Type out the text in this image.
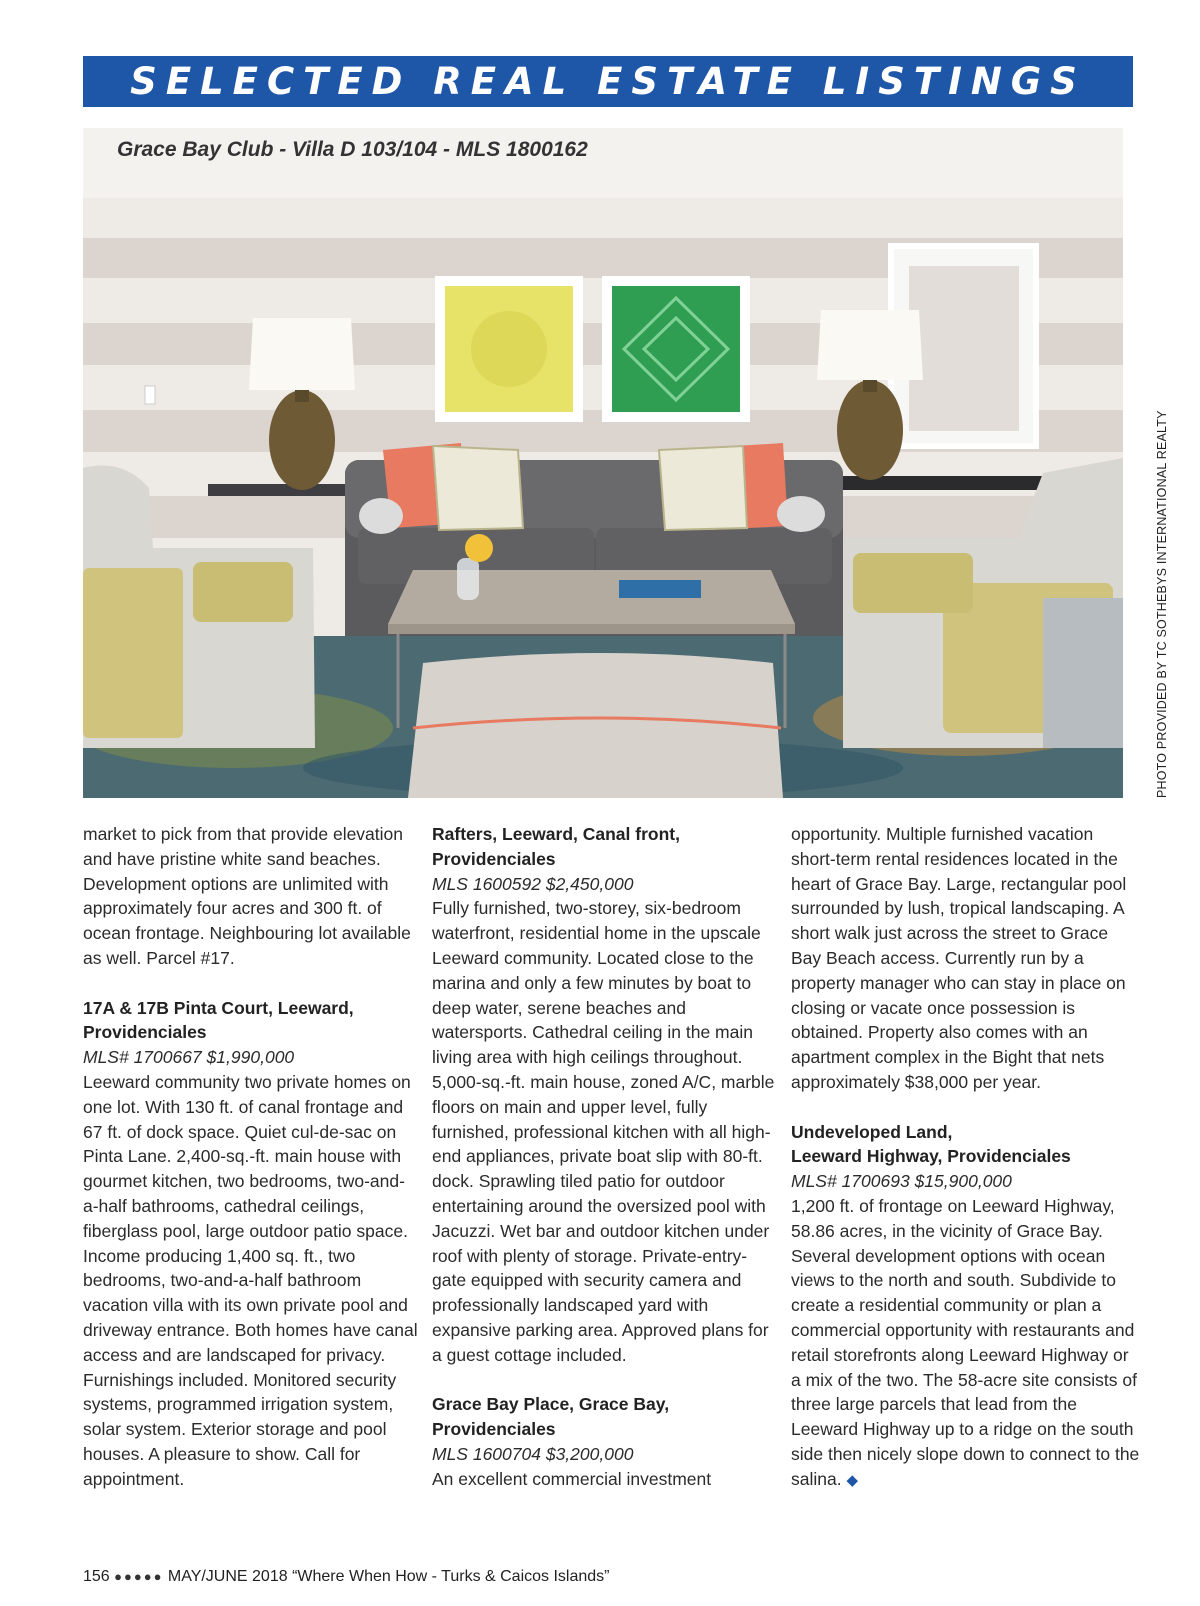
SELECTED REAL ESTATE LISTINGS
Grace Bay Club - Villa D 103/104 - MLS 1800162
PHOTO PROVIDED BY TC SOTHEBYS INTERNATIONAL REALTY

market to pick from that provide elevation and have pristine white sand beaches. Development options are unlimited with approximately four acres and 300 ft. of ocean frontage. Neighbouring lot available as well. Parcel #17.

17A & 17B Pinta Court, Leeward,
Providenciales

MLS# 1700667 $1,990,000

Leeward community two private homes on one lot. With 130 ft. of canal frontage and 67 ft. of dock space. Quiet cul-de-sac on Pinta Lane. 2,400-sq.-ft. main house with gourmet kitchen, two bedrooms, two-and-a-half bathrooms, cathedral ceilings, fiberglass pool, large outdoor patio space. Income producing 1,400 sq. ft., two bedrooms, two-and-a-half bathroom vacation villa with its own private pool and driveway entrance. Both homes have canal access and are landscaped for privacy. Furnishings included. Monitored security systems, programmed irrigation system, solar system. Exterior storage and pool houses. A pleasure to show. Call for appointment.

Rafters, Leeward, Canal front,
Providenciales

MLS 1600592 $2,450,000

Fully furnished, two-storey, six-bedroom waterfront, residential home in the upscale Leeward community. Located close to the marina and only a few minutes by boat to deep water, serene beaches and watersports. Cathedral ceiling in the main living area with high ceilings throughout. 5,000-sq.-ft. main house, zoned A/C, marble floors on main and upper level, fully furnished, professional kitchen with all high-end appliances, private boat slip with 80-ft. dock. Sprawling tiled patio for outdoor entertaining around the oversized pool with Jacuzzi. Wet bar and outdoor kitchen under roof with plenty of storage. Private-entry-gate equipped with security camera and professionally landscaped yard with expansive parking area. Approved plans for a guest cottage included.

Grace Bay Place, Grace Bay,
Providenciales

MLS 1600704 $3,200,000

An excellent commercial investment

opportunity. Multiple furnished vacation short-term rental residences located in the heart of Grace Bay. Large, rectangular pool surrounded by lush, tropical landscaping. A short walk just across the street to Grace Bay Beach access. Currently run by a property manager who can stay in place on closing or vacate once possession is obtained. Property also comes with an apartment complex in the Bight that nets approximately $38,000 per year.

Undeveloped Land,
Leeward Highway, Providenciales

MLS# 1700693 $15,900,000

1,200 ft. of frontage on Leeward Highway, 58.86 acres, in the vicinity of Grace Bay. Several development options with ocean views to the north and south. Subdivide to create a residential community or plan a commercial opportunity with restaurants and retail storefronts along Leeward Highway or a mix of the two. The 58-acre site consists of three large parcels that lead from the Leeward Highway up to a ridge on the south side then nicely slope down to connect to the salina. ◆

156 ●●●●● MAY/JUNE 2018 “Where When How - Turks & Caicos Islands”
